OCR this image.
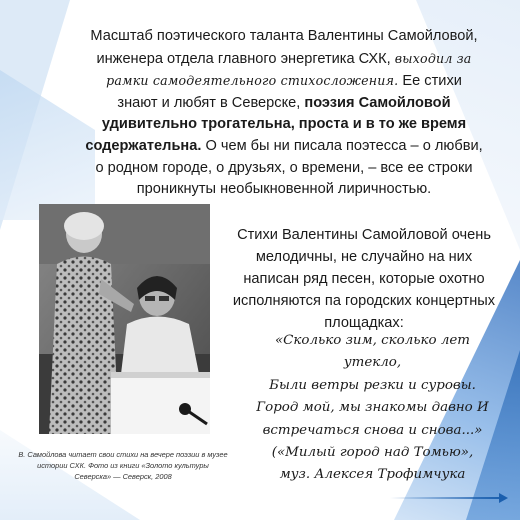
Масштаб поэтического таланта Валентины Самойловой, инженера отдела главного энергетика СХК, выходил за рамки самодеятельного стихосложения. Ее стихи знают и любят в Северске, поэзия Самойловой удивительно трогательна, проста и в то же время содержательна. О чем бы ни писала поэтесса – о любви, о родном городе, о друзьях, о времени, – все ее строки проникнуты необыкновенной лиричностью.
В. Самойлова читает свои стихи на вечере поэзии в музее истории СХК. Фото из книги «Золото культуры Северска» — Северск, 2008
Стихи Валентины Самойловой очень мелодичны, не случайно на них написан ряд песен, которые охотно исполняются па городских концертных площадках:
«Сколько зим, сколько лет
утекло,
Были ветры резки и суровы.
Город мой, мы знакомы давно И
встречаться снова и снова...»
(«Милый город над Томью»,
муз. Алексея Трофимчука
